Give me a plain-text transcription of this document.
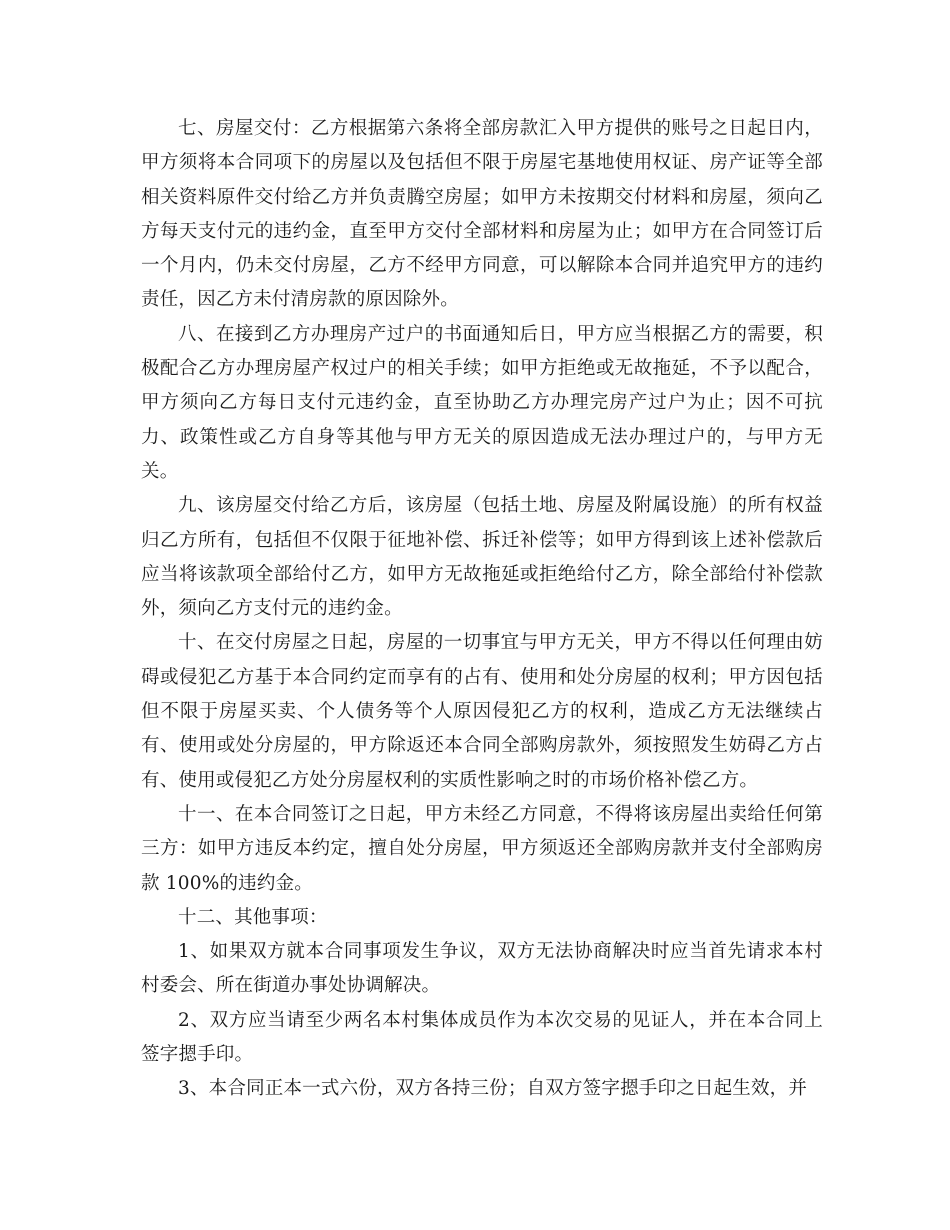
七、房屋交付：乙方根据第六条将全部房款汇入甲方提供的账号之日起日内，甲方须将本合同项下的房屋以及包括但不限于房屋宅基地使用权证、房产证等全部相关资料原件交付给乙方并负责腾空房屋；如甲方未按期交付材料和房屋，须向乙方每天支付元的违约金，直至甲方交付全部材料和房屋为止；如甲方在合同签订后一个月内，仍未交付房屋，乙方不经甲方同意，可以解除本合同并追究甲方的违约责任，因乙方未付清房款的原因除外。

八、在接到乙方办理房产过户的书面通知后日，甲方应当根据乙方的需要，积极配合乙方办理房屋产权过户的相关手续；如甲方拒绝或无故拖延，不予以配合，甲方须向乙方每日支付元违约金，直至协助乙方办理完房产过户为止；因不可抗力、政策性或乙方自身等其他与甲方无关的原因造成无法办理过户的，与甲方无关。

九、该房屋交付给乙方后，该房屋（包括土地、房屋及附属设施）的所有权益归乙方所有，包括但不仅限于征地补偿、拆迁补偿等；如甲方得到该上述补偿款后应当将该款项全部给付乙方，如甲方无故拖延或拒绝给付乙方，除全部给付补偿款外，须向乙方支付元的违约金。

十、在交付房屋之日起，房屋的一切事宜与甲方无关，甲方不得以任何理由妨碍或侵犯乙方基于本合同约定而享有的占有、使用和处分房屋的权利；甲方因包括但不限于房屋买卖、个人债务等个人原因侵犯乙方的权利，造成乙方无法继续占有、使用或处分房屋的，甲方除返还本合同全部购房款外，须按照发生妨碍乙方占有、使用或侵犯乙方处分房屋权利的实质性影响之时的市场价格补偿乙方。

十一、在本合同签订之日起，甲方未经乙方同意，不得将该房屋出卖给任何第三方：如甲方违反本约定，擅自处分房屋，甲方须返还全部购房款并支付全部购房款 100%的违约金。

十二、其他事项：

1、如果双方就本合同事项发生争议，双方无法协商解决时应当首先请求本村村委会、所在街道办事处协调解决。

2、双方应当请至少两名本村集体成员作为本次交易的见证人，并在本合同上签字摁手印。

3、本合同正本一式六份，双方各持三份；自双方签字摁手印之日起生效，并
